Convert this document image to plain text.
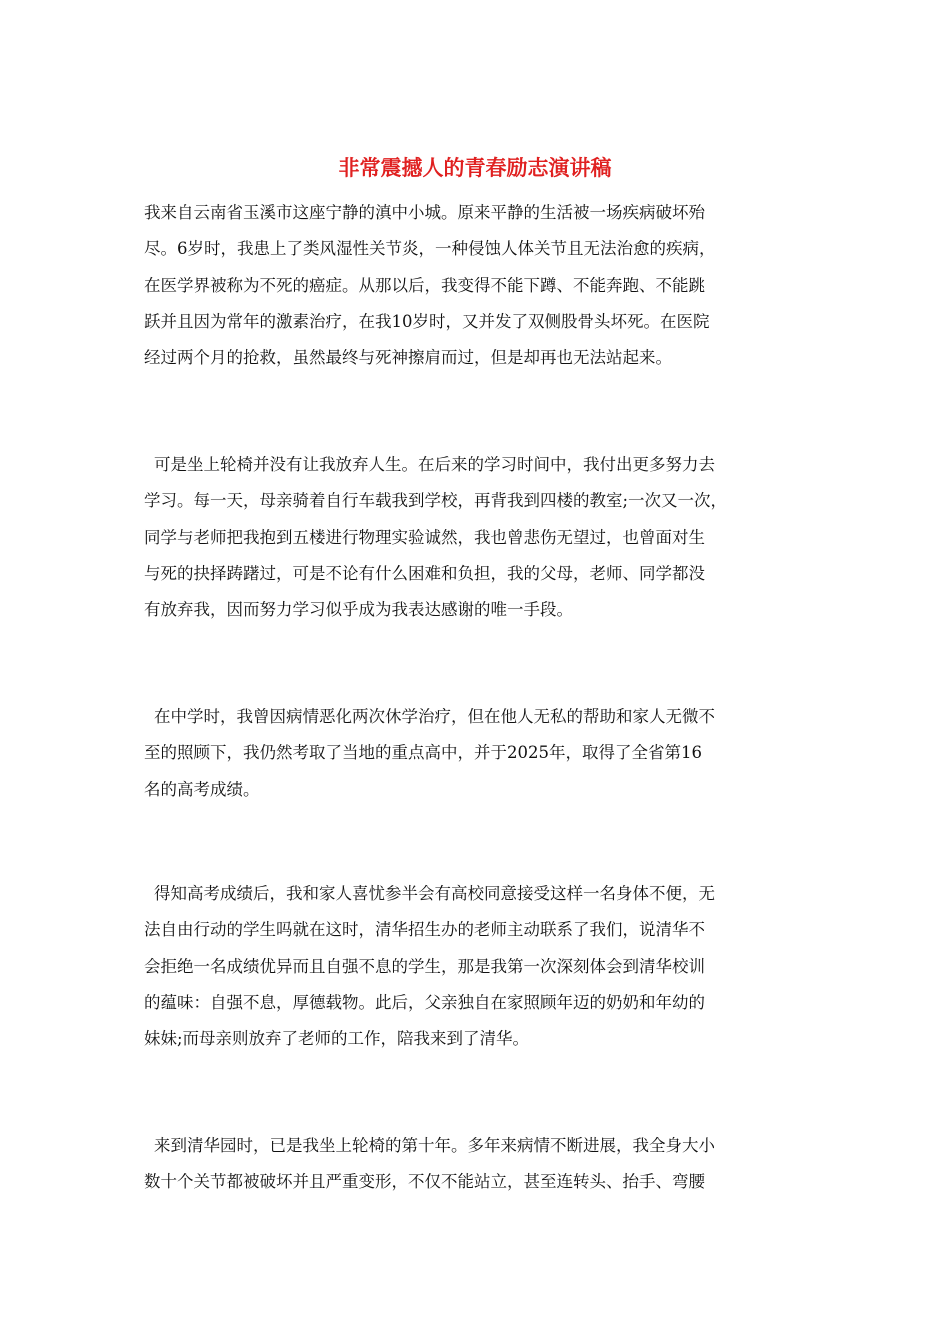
非常震撼人的青春励志演讲稿
我来自云南省玉溪市这座宁静的滇中小城。原来平静的生活被一场疾病破坏殆
尽。6岁时，我患上了类风湿性关节炎，一种侵蚀人体关节且无法治愈的疾病，
在医学界被称为不死的癌症。从那以后，我变得不能下蹲、不能奔跑、不能跳
跃并且因为常年的激素治疗，在我10岁时，又并发了双侧股骨头坏死。在医院
经过两个月的抢救，虽然最终与死神擦肩而过，但是却再也无法站起来。
可是坐上轮椅并没有让我放弃人生。在后来的学习时间中，我付出更多努力去
学习。每一天，母亲骑着自行车载我到学校，再背我到四楼的教室;一次又一次，
同学与老师把我抱到五楼进行物理实验诚然，我也曾悲伤无望过，也曾面对生
与死的抉择踌躇过，可是不论有什么困难和负担，我的父母，老师、同学都没
有放弃我，因而努力学习似乎成为我表达感谢的唯一手段。
在中学时，我曾因病情恶化两次休学治疗，但在他人无私的帮助和家人无微不
至的照顾下，我仍然考取了当地的重点高中，并于2025年，取得了全省第16
名的高考成绩。
得知高考成绩后，我和家人喜忧参半会有高校同意接受这样一名身体不便，无
法自由行动的学生吗就在这时，清华招生办的老师主动联系了我们，说清华不
会拒绝一名成绩优异而且自强不息的学生，那是我第一次深刻体会到清华校训
的蕴味：自强不息，厚德载物。此后，父亲独自在家照顾年迈的奶奶和年幼的
妹妹;而母亲则放弃了老师的工作，陪我来到了清华。
来到清华园时，已是我坐上轮椅的第十年。多年来病情不断进展，我全身大小
数十个关节都被破坏并且严重变形，不仅不能站立，甚至连转头、抬手、弯腰
